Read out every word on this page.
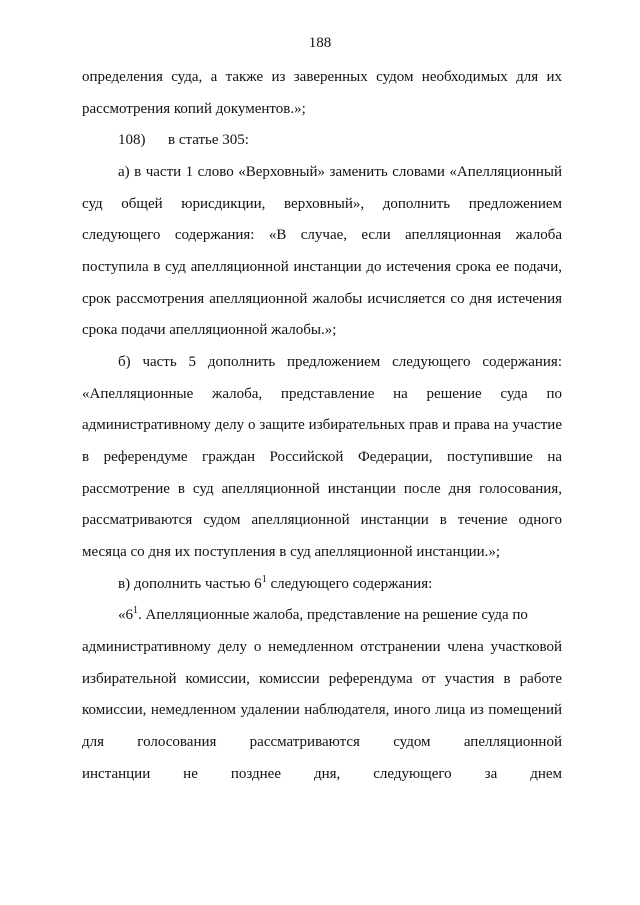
188
определения суда, а также из заверенных судом необходимых для их
рассмотрения копий документов.»;
108) в статье 305:
а) в части 1 слово «Верховный» заменить словами «Апелляционный
суд общей юрисдикции, верховный», дополнить предложением
следующего содержания: «В случае, если апелляционная жалоба
поступила в суд апелляционной инстанции до истечения срока ее подачи,
срок рассмотрения апелляционной жалобы исчисляется со дня истечения
срока подачи апелляционной жалобы.»;
б) часть 5 дополнить предложением следующего содержания:
«Апелляционные жалоба, представление на решение суда по
административному делу о защите избирательных прав и права на участие
в референдуме граждан Российской Федерации, поступившие на
рассмотрение в суд апелляционной инстанции после дня голосования,
рассматриваются судом апелляционной инстанции в течение одного
месяца со дня их поступления в суд апелляционной инстанции.»;
в) дополнить частью $6^1$ следующего содержания:
«$6^1$. Апелляционные жалоба, представление на решение суда по
административному делу о немедленном отстранении члена участковой
избирательной комиссии, комиссии референдума от участия в работе
комиссии, немедленном удалении наблюдателя, иного лица из помещений
для голосования рассматриваются судом апелляционной
инстанции не позднее дня, следующего за днем
